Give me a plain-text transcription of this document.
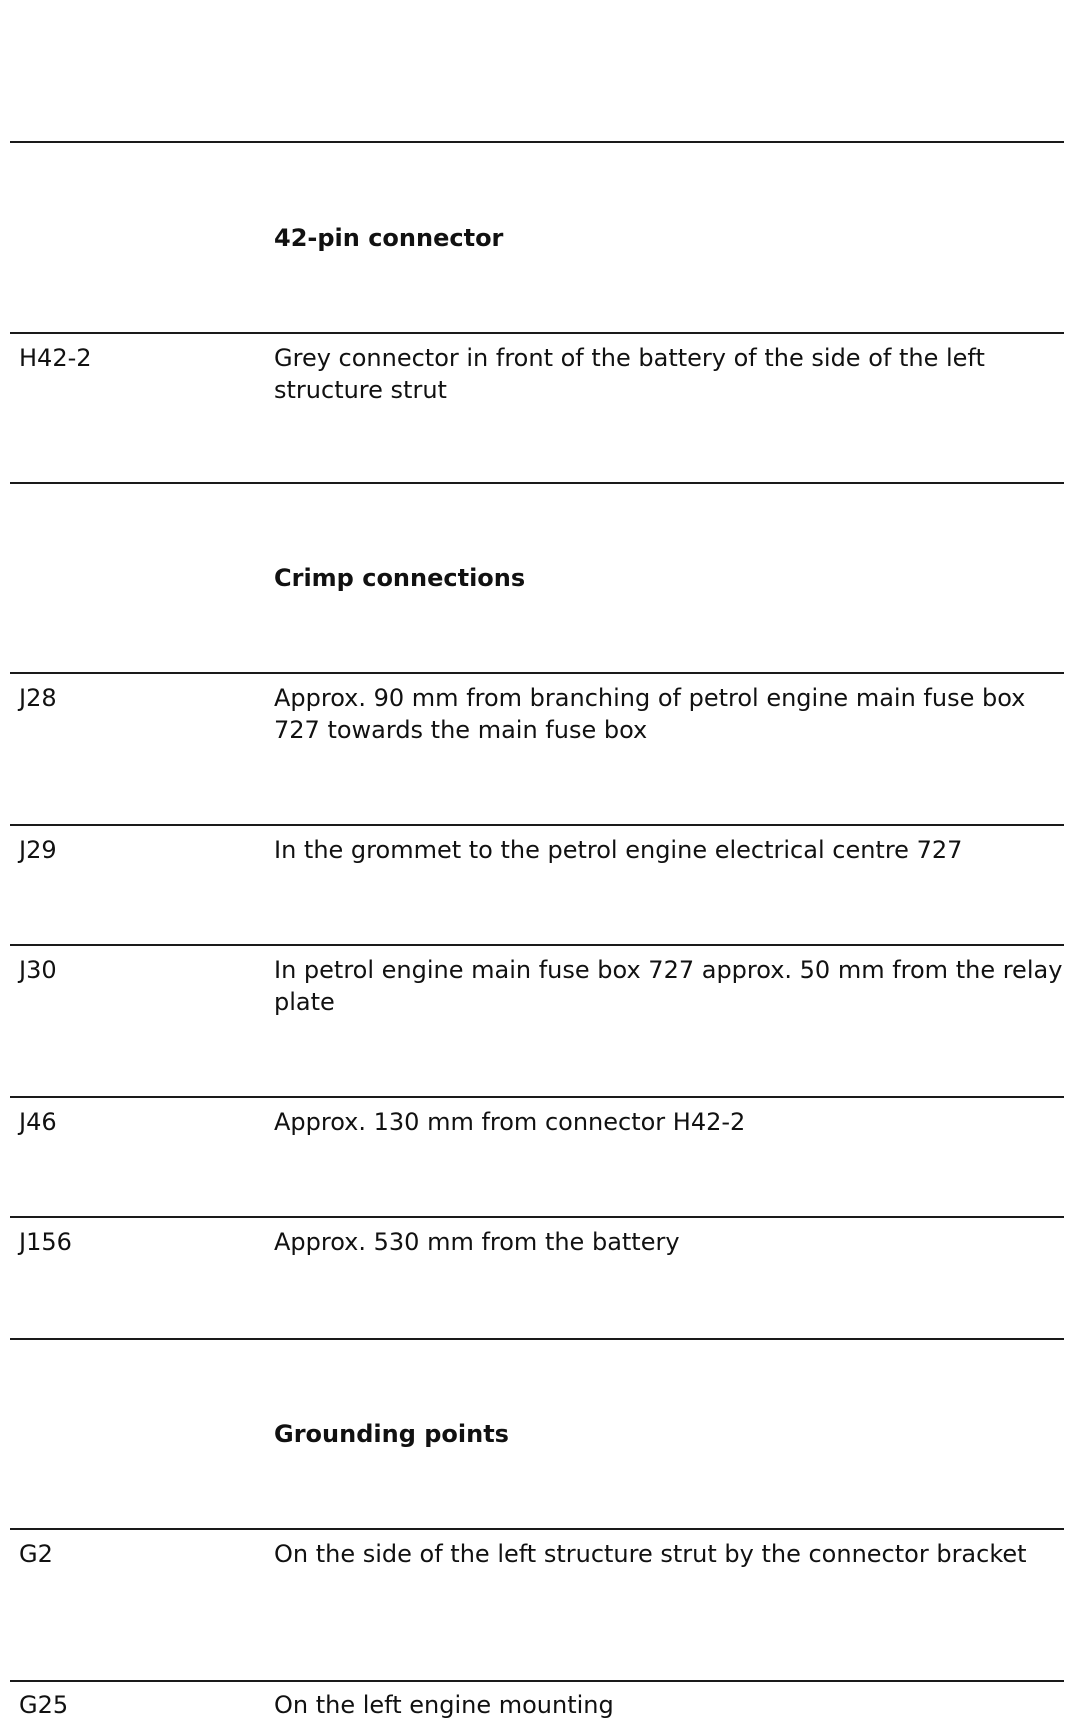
42-pin connector
H42-2	Grey connector in front of the battery of the side of the left structure strut
Crimp connections
J28	Approx. 90 mm from branching of petrol engine main fuse box 727 towards the main fuse box
J29	In the grommet to the petrol engine electrical centre 727
J30	In petrol engine main fuse box 727 approx. 50 mm from the relay plate
J46	Approx. 130 mm from connector H42-2
J156	Approx. 530 mm from the battery
Grounding points
G2	On the side of the left structure strut by the connector bracket
G25	On the left engine mounting
